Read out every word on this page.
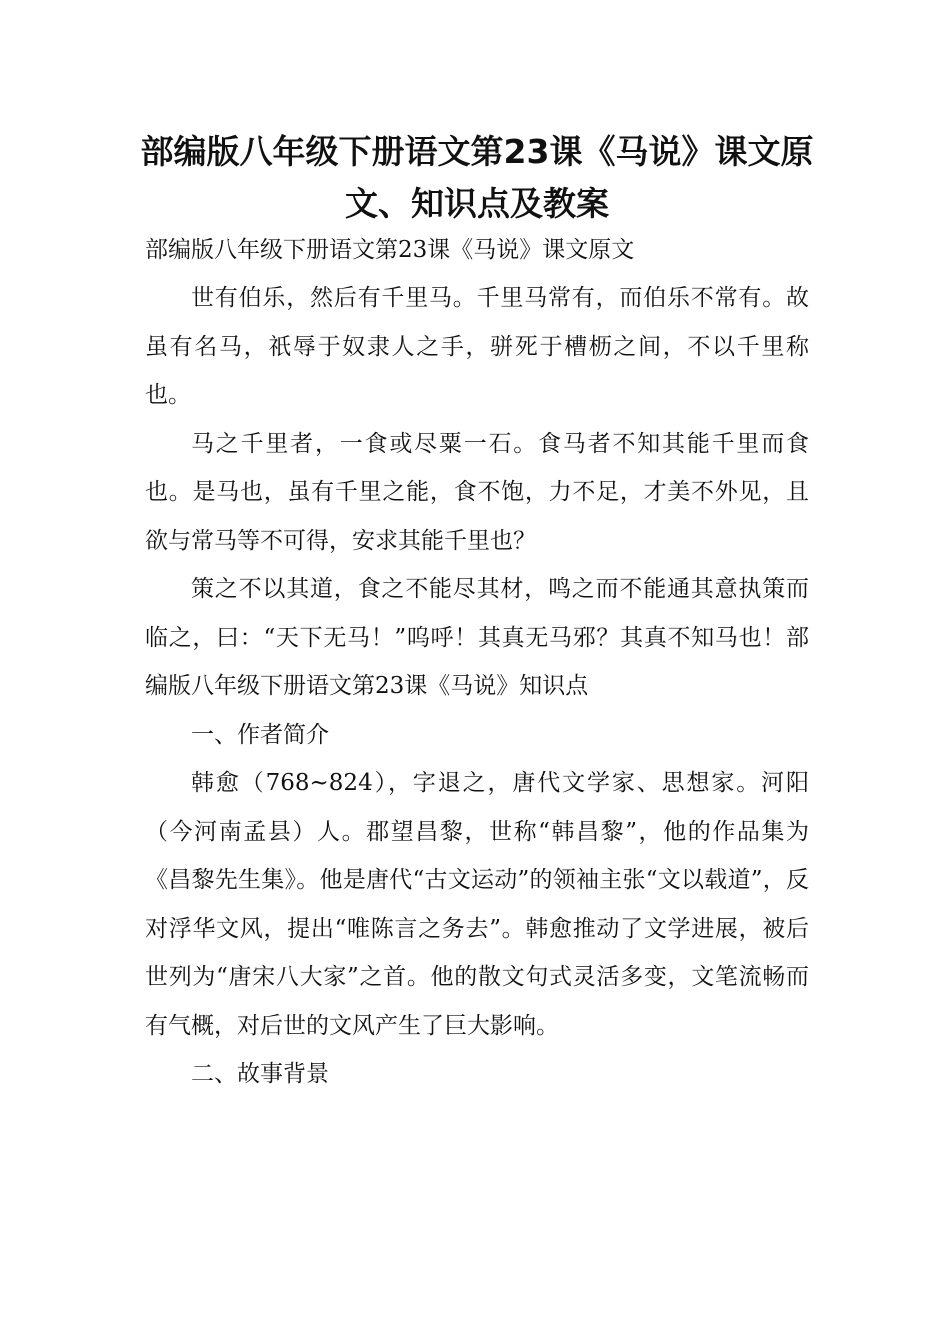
部编版八年级下册语文第23课《马说》课文原文、知识点及教案
部编版八年级下册语文第23课《马说》课文原文

世有伯乐，然后有千里马。千里马常有，而伯乐不常有。故虽有名马，祇辱于奴隶人之手，骈死于槽枥之间，不以千里称也。

马之千里者，一食或尽粟一石。食马者不知其能千里而食也。是马也，虽有千里之能，食不饱，力不足，才美不外见，且欲与常马等不可得，安求其能千里也？

策之不以其道，食之不能尽其材，鸣之而不能通其意执策而临之，曰：“天下无马！”呜呼！其真无马邪？其真不知马也！部编版八年级下册语文第23课《马说》知识点

一、作者简介

韩愈（768~824），字退之，唐代文学家、思想家。河阳（今河南孟县）人。郡望昌黎，世称“韩昌黎”，他的作品集为《昌黎先生集》。他是唐代“古文运动”的领袖主张“文以载道”，反对浮华文风，提出“唯陈言之务去”。韩愈推动了文学进展，被后世列为“唐宋八大家”之首。他的散文句式灵活多变，文笔流畅而有气概，对后世的文风产生了巨大影响。

二、故事背景
